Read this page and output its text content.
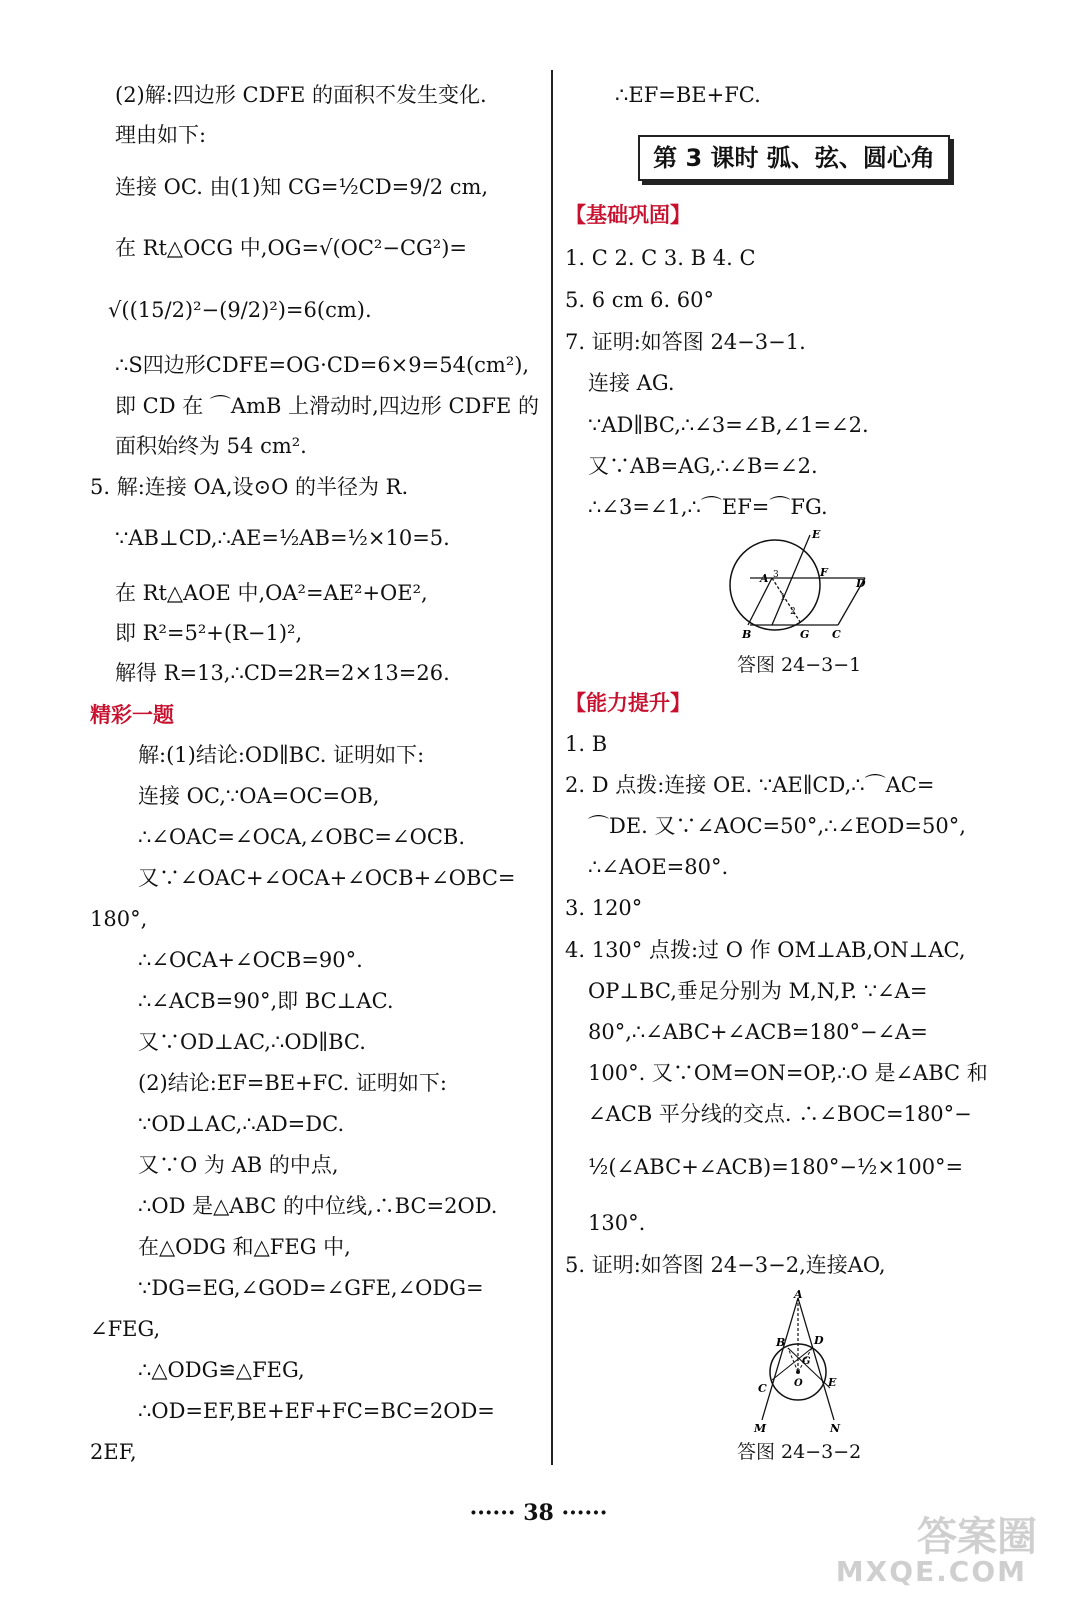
(2)解:四边形 CDFE 的面积不发生变化.
理由如下:
连接 OC. 由(1)知 CG=½CD=9/2 cm,
在 Rt△OCG 中,OG=√(OC²−CG²)=
√((15/2)²−(9/2)²)=6(cm).
∴S四边形CDFE=OG·CD=6×9=54(cm²),
即 CD 在 ⌒AmB 上滑动时,四边形 CDFE 的
面积始终为 54 cm².
5. 解:连接 OA,设⊙O 的半径为 R.
∵AB⊥CD,∴AE=½AB=½×10=5.
在 Rt△AOE 中,OA²=AE²+OE²,
即 R²=5²+(R−1)²,
解得 R=13,∴CD=2R=2×13=26.
精彩一题
解:(1)结论:OD∥BC. 证明如下:
连接 OC,∵OA=OC=OB,
∴∠OAC=∠OCA,∠OBC=∠OCB.
又∵∠OAC+∠OCA+∠OCB+∠OBC=
180°,
∴∠OCA+∠OCB=90°.
∴∠ACB=90°,即 BC⊥AC.
又∵OD⊥AC,∴OD∥BC.
(2)结论:EF=BE+FC. 证明如下:
∵OD⊥AC,∴AD=DC.
又∵O 为 AB 的中点,
∴OD 是△ABC 的中位线,∴BC=2OD.
在△ODG 和△FEG 中,
∵DG=EG,∠GOD=∠GFE,∠ODG=
∠FEG,
∴△ODG≌△FEG,
∴OD=EF,BE+EF+FC=BC=2OD=
2EF,
∴EF=BE+FC.
【基础巩固】
1. C 2. C 3. B 4. C
5. 6 cm 6. 60°
7. 证明:如答图 24−3−1.
连接 AG.
∵AD∥BC,∴∠3=∠B,∠1=∠2.
又∵AB=AG,∴∠B=∠2.
∴∠3=∠1,∴⌒EF=⌒FG.
【能力提升】
1. B
2. D 点拨:连接 OE. ∵AE∥CD,∴⌒AC=
⌒DE. 又∵∠AOC=50°,∴∠EOD=50°,
∴∠AOE=80°.
3. 120°
4. 130° 点拨:过 O 作 OM⊥AB,ON⊥AC,
OP⊥BC,垂足分别为 M,N,P. ∵∠A=
80°,∴∠ABC+∠ACB=180°−∠A=
100°. 又∵OM=ON=OP,∴O 是∠ABC 和
∠ACB 平分线的交点. ∴∠BOC=180°−
½(∠ABC+∠ACB)=180°−½×100°=
130°.
5. 证明:如答图 24−3−2,连接AO,
第 3 课时 弧、弦、圆心角
E
A 3
1
2
F
D
B	G C
答图 24−3−1
A
B	D
G
O
C	E
M	N
答图 24−3−2
······ 38 ······
答案圈
MXQE.COM
